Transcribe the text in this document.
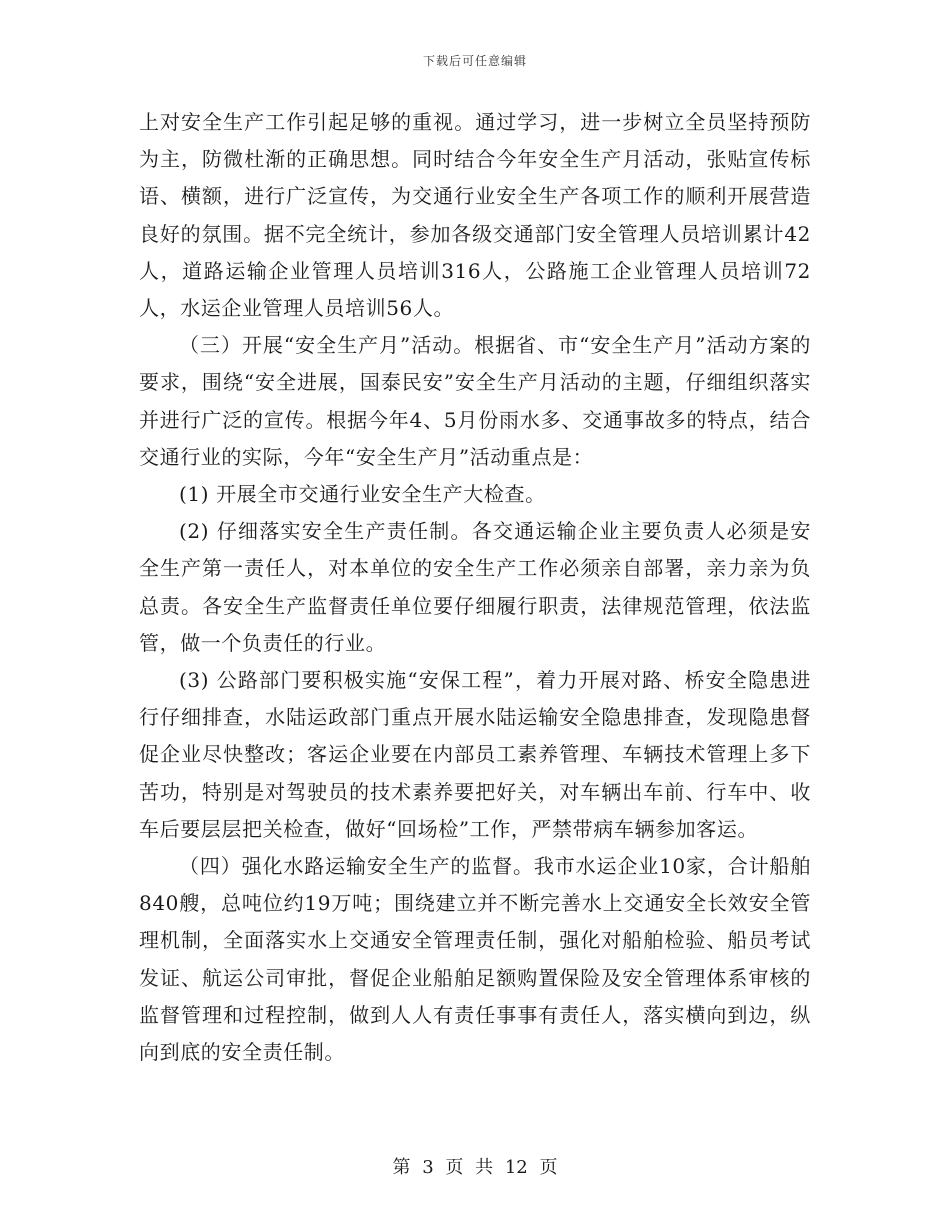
下载后可任意编辑

上对安全生产工作引起足够的重视。通过学习，进一步树立全员坚持预防为主，防微杜渐的正确思想。同时结合今年安全生产月活动，张贴宣传标语、横额，进行广泛宣传，为交通行业安全生产各项工作的顺利开展营造良好的氛围。据不完全统计，参加各级交通部门安全管理人员培训累计42人，道路运输企业管理人员培训316人，公路施工企业管理人员培训72人，水运企业管理人员培训56人。

（三）开展“安全生产月”活动。根据省、市“安全生产月”活动方案的要求，围绕“安全进展，国泰民安”安全生产月活动的主题，仔细组织落实并进行广泛的宣传。根据今年4、5月份雨水多、交通事故多的特点，结合交通行业的实际，今年“安全生产月”活动重点是：

(1) 开展全市交通行业安全生产大检查。

(2) 仔细落实安全生产责任制。各交通运输企业主要负责人必须是安全生产第一责任人，对本单位的安全生产工作必须亲自部署，亲力亲为负总责。各安全生产监督责任单位要仔细履行职责，法律规范管理，依法监管，做一个负责任的行业。

(3) 公路部门要积极实施“安保工程”，着力开展对路、桥安全隐患进行仔细排查，水陆运政部门重点开展水陆运输安全隐患排查，发现隐患督促企业尽快整改；客运企业要在内部员工素养管理、车辆技术管理上多下苦功，特别是对驾驶员的技术素养要把好关，对车辆出车前、行车中、收车后要层层把关检查，做好“回场检”工作，严禁带病车辆参加客运。

（四）强化水路运输安全生产的监督。我市水运企业10家，合计船舶840艘，总吨位约19万吨；围绕建立并不断完善水上交通安全长效安全管理机制，全面落实水上交通安全管理责任制，强化对船舶检验、船员考试发证、航运公司审批，督促企业船舶足额购置保险及安全管理体系审核的监督管理和过程控制，做到人人有责任事事有责任人，落实横向到边，纵向到底的安全责任制。

第 3 页 共 12 页
